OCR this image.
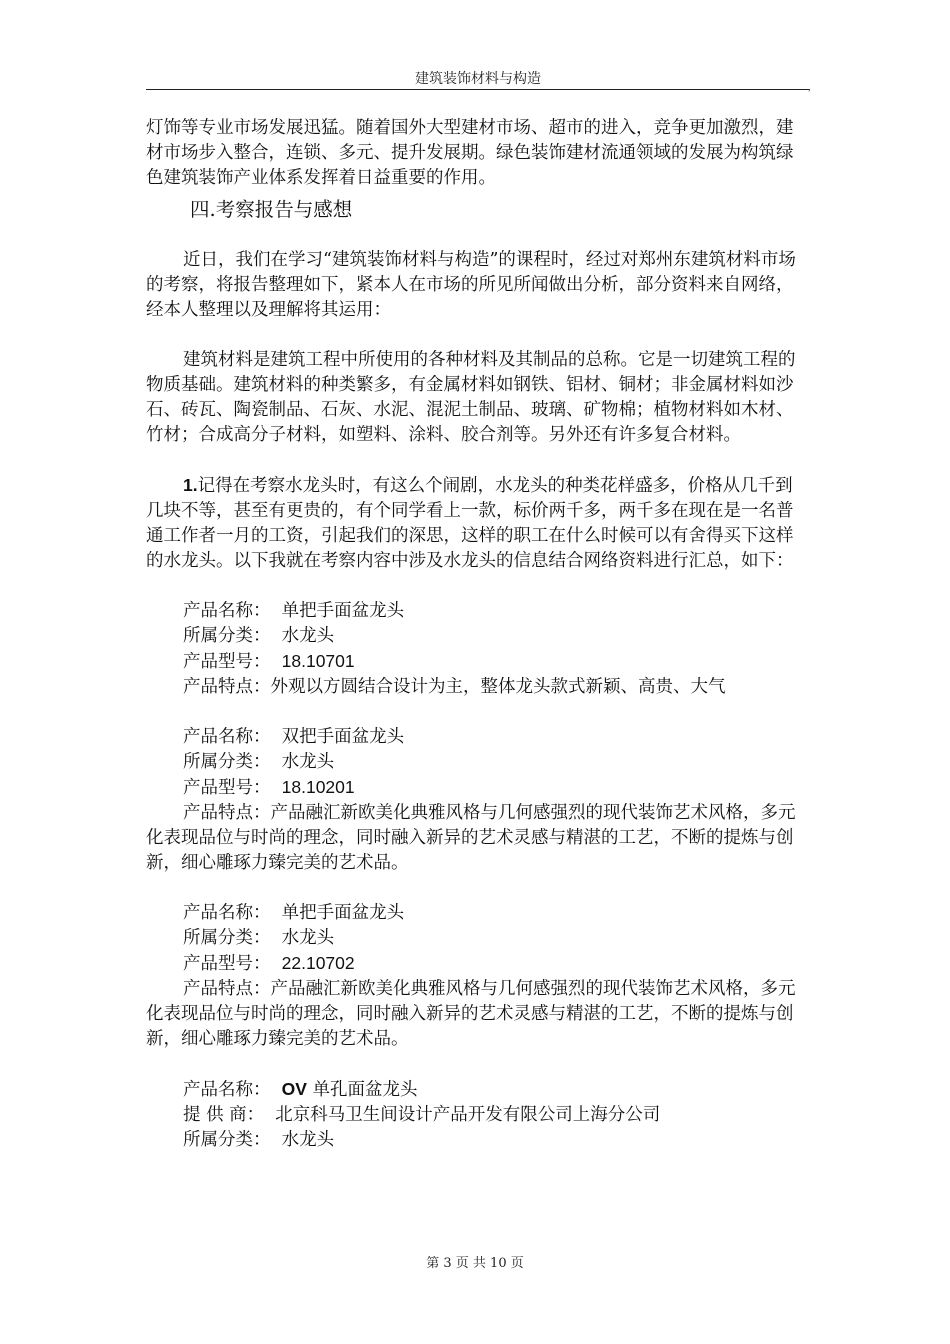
建筑装饰材料与构造
,

灯饰等专业市场发展迅猛。随着国外大型建材市场、超市的进入，竞争更加激烈，建材市场步入整合，连锁、多元、提升发展期。绿色装饰建材流通领域的发展为构筑绿色建筑装饰产业体系发挥着日益重要的作用。

四.考察报告与感想

近日，我们在学习“建筑装饰材料与构造”的课程时，经过对郑州东建筑材料市场的考察，将报告整理如下，紧本人在市场的所见所闻做出分析，部分资料来自网络，经本人整理以及理解将其运用：

建筑材料是建筑工程中所使用的各种材料及其制品的总称。它是一切建筑工程的物质基础。建筑材料的种类繁多，有金属材料如钢铁、铝材、铜材；非金属材料如沙石、砖瓦、陶瓷制品、石灰、水泥、混泥土制品、玻璃、矿物棉；植物材料如木材、竹材；合成高分子材料，如塑料、涂料、胶合剂等。另外还有许多复合材料。

1.记得在考察水龙头时，有这么个闹剧，水龙头的种类花样盛多，价格从几千到几块不等，甚至有更贵的，有个同学看上一款，标价两千多，两千多在现在是一名普通工作者一月的工资，引起我们的深思，这样的职工在什么时候可以有舍得买下这样的水龙头。以下我就在考察内容中涉及水龙头的信息结合网络资料进行汇总，如下：

产品名称： 单把手面盆龙头

所属分类： 水龙头

产品型号： 18.10701

产品特点：外观以方圆结合设计为主，整体龙头款式新颖、高贵、大气

产品名称： 双把手面盆龙头

所属分类： 水龙头

产品型号： 18.10201

产品特点：产品融汇新欧美化典雅风格与几何感强烈的现代装饰艺术风格，多元化表现品位与时尚的理念，同时融入新异的艺术灵感与精湛的工艺，不断的提炼与创新，细心雕琢力臻完美的艺术品。

产品名称： 单把手面盆龙头

所属分类： 水龙头

产品型号： 22.10702

产品特点：产品融汇新欧美化典雅风格与几何感强烈的现代装饰艺术风格，多元化表现品位与时尚的理念，同时融入新异的艺术灵感与精湛的工艺，不断的提炼与创新，细心雕琢力臻完美的艺术品。

产品名称： OV 单孔面盆龙头

提 供 商： 北京科马卫生间设计产品开发有限公司上海分公司

所属分类： 水龙头

第 3 页 共 10 页
